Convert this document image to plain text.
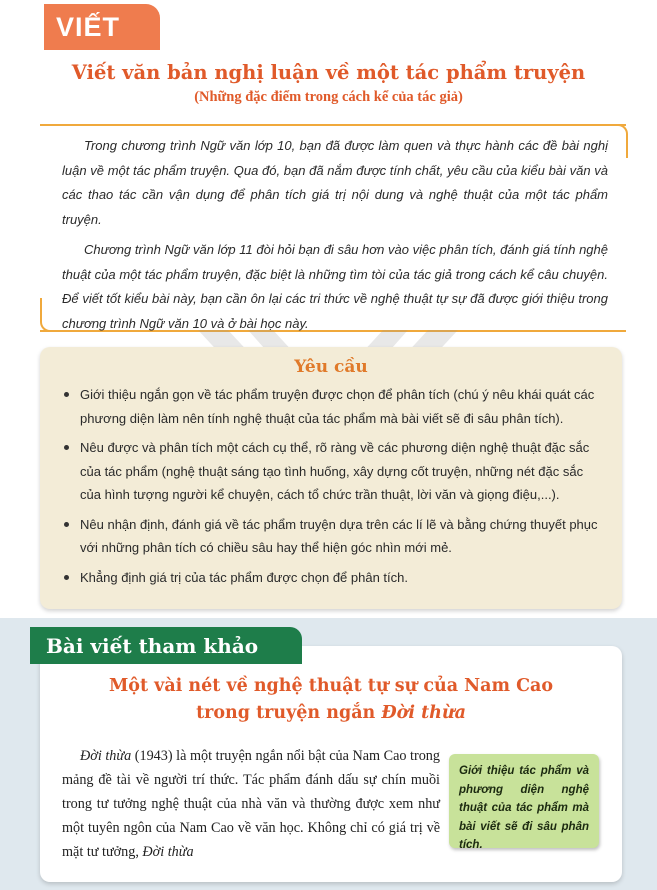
VIẾT
Viết văn bản nghị luận về một tác phẩm truyện
(Những đặc điểm trong cách kể của tác giả)

Trong chương trình Ngữ văn lớp 10, bạn đã được làm quen và thực hành các đề bài nghị luận về một tác phẩm truyện. Qua đó, bạn đã nắm được tính chất, yêu cầu của kiểu bài văn và các thao tác cần vận dụng để phân tích giá trị nội dung và nghệ thuật của một tác phẩm truyện.

Chương trình Ngữ văn lớp 11 đòi hỏi bạn đi sâu hơn vào việc phân tích, đánh giá tính nghệ thuật của một tác phẩm truyện, đặc biệt là những tìm tòi của tác giả trong cách kể câu chuyện. Để viết tốt kiểu bài này, bạn cần ôn lại các tri thức về nghệ thuật tự sự đã được giới thiệu trong chương trình Ngữ văn 10 và ở bài học này.

Yêu cầu
Giới thiệu ngắn gọn về tác phẩm truyện được chọn để phân tích (chú ý nêu khái quát các phương diện làm nên tính nghệ thuật của tác phẩm mà bài viết sẽ đi sâu phân tích).
Nêu được và phân tích một cách cụ thể, rõ ràng về các phương diện nghệ thuật đặc sắc của tác phẩm (nghệ thuật sáng tạo tình huống, xây dựng cốt truyện, những nét đặc sắc của hình tượng người kể chuyện, cách tổ chức trần thuật, lời văn và giọng điệu,...).
Nêu nhận định, đánh giá về tác phẩm truyện dựa trên các lí lẽ và bằng chứng thuyết phục với những phân tích có chiều sâu hay thể hiện góc nhìn mới mẻ.
Khẳng định giá trị của tác phẩm được chọn để phân tích.
Một vài nét về nghệ thuật tự sự của Nam Cao
trong truyện ngắn Đời thừa
Đời thừa (1943) là một truyện ngắn nổi bật của Nam Cao trong mảng đề tài về người trí thức. Tác phẩm đánh dấu sự chín muồi trong tư tưởng nghệ thuật của nhà văn và thường được xem như một tuyên ngôn của Nam Cao về văn học. Không chỉ có giá trị về mặt tư tưởng, Đời thừa
Giới thiệu tác phẩm và phương diện nghệ thuật của tác phẩm mà bài viết sẽ đi sâu phân tích.
Bài viết tham khảo
